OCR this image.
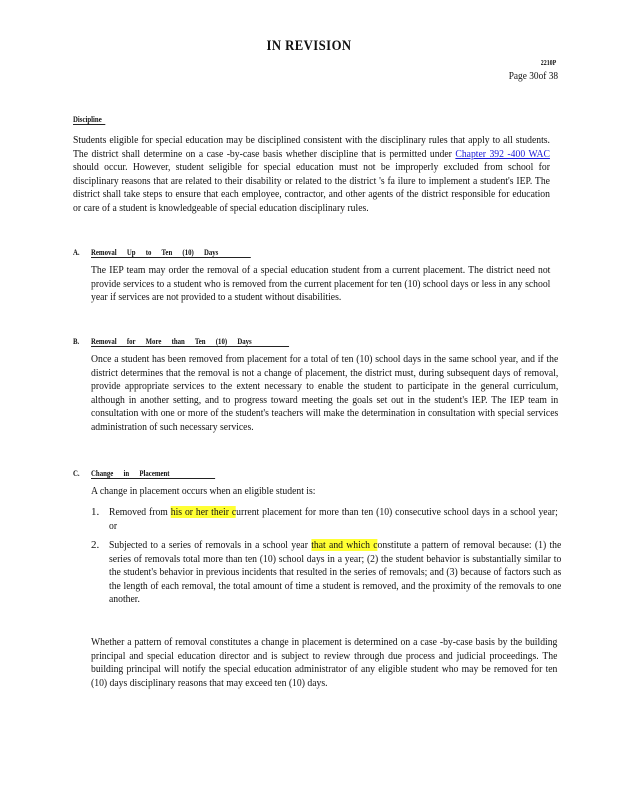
IN REVISION
2210P
Page 30of 38
Discipline
Students eligible for special education may be disciplined consistent with the disciplinary rules that apply to all students. The district shall determine on a case -by-case basis whether discipline that is permitted under Chapter 392 -400 WAC should occur. However, student seligible for special education must not be improperly excluded from school for disciplinary reasons that are related to their disability or related to the district 's fa ilure to implement a student's IEP. The district shall take steps to ensure that each employee, contractor, and other agents of the district responsible for education or care of a student is knowledgeable of special education disciplinary rules.
A. Removal Up to Ten (10) Days
The IEP team may order the removal of a special education student from a current placement. The district need not provide services to a student who is removed from the current placement for ten (10) school days or less in any school year if services are not provided to a student without disabilities.
B. Removal for More than Ten (10) Days
Once a student has been removed from placement for a total of ten (10) school days in the same school year, and if the district determines that the removal is not a change of placement, the district must, during subsequent days of removal, provide appropriate services to the extent necessary to enable the student to participate in the general curriculum, although in another setting, and to progress toward meeting the goals set out in the student's IEP. The IEP team in consultation with one or more of the student's teachers will make the determination in consultation with special services administration of such necessary services.
C. Change in Placement
A change in placement occurs when an eligible student is:
1. Removed from his or her their current placement for more than ten (10) consecutive school days in a school year; or
2. Subjected to a series of removals in a school year that and which constitute a pattern of removal because: (1) the series of removals total more than ten (10) school days in a year; (2) the student behavior is substantially similar to the student's behavior in previous incidents that resulted in the series of removals; and (3) because of factors such as the length of each removal, the total amount of time a student is removed, and the proximity of the removals to one another.
Whether a pattern of removal constitutes a change in placement is determined on a case -by-case basis by the building principal and special education director and is subject to review through due process and judicial proceedings. The building principal will notify the special education administrator of any eligible student who may be removed for ten (10) days disciplinary reasons that may exceed ten (10) days.
